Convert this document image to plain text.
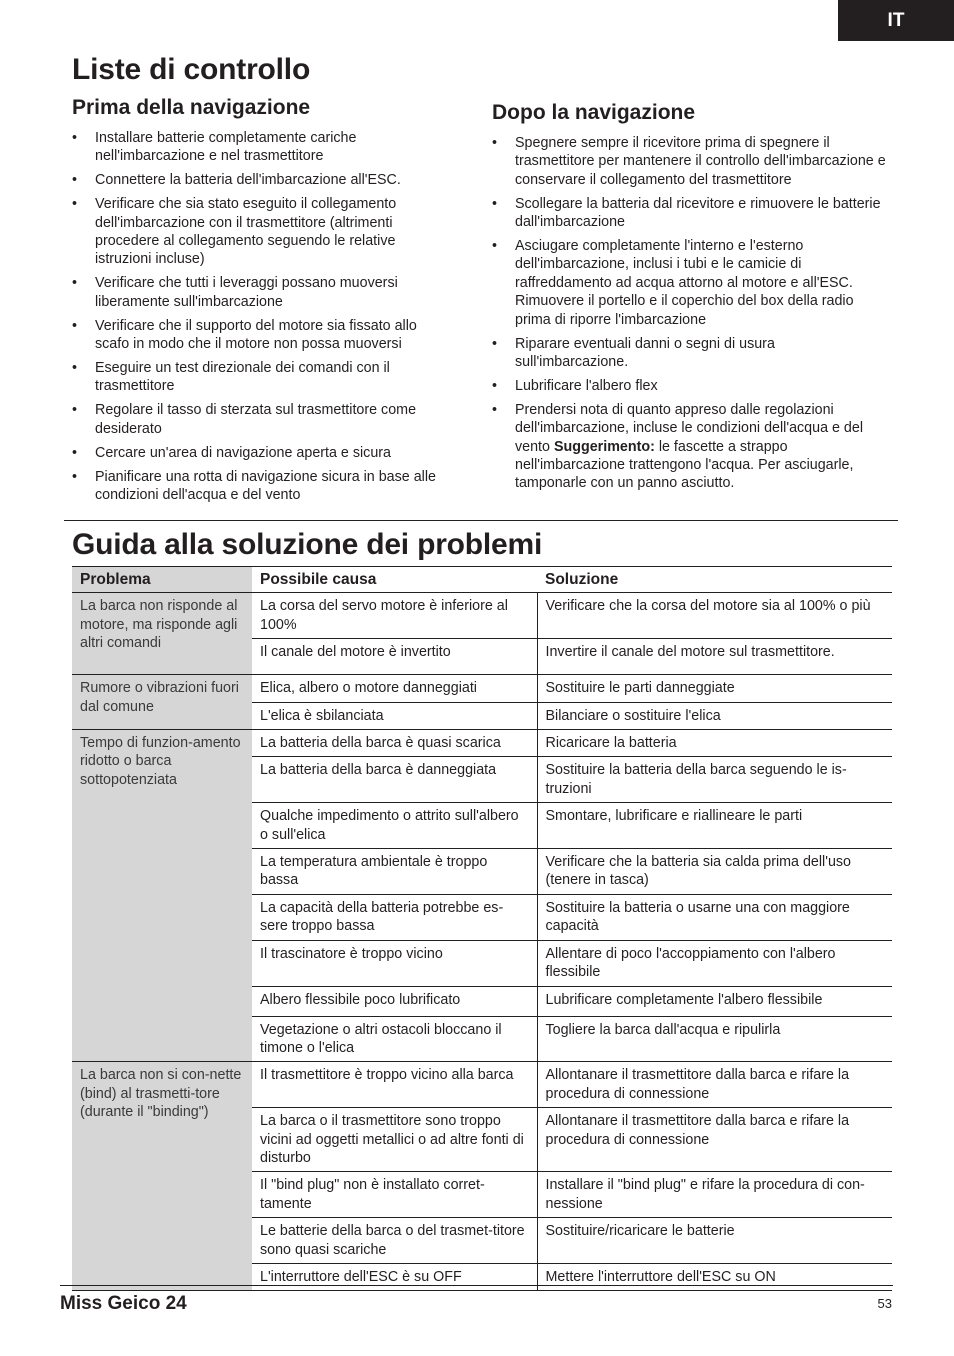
IT
Liste di controllo
Prima della navigazione
• Installare batterie completamente cariche nell'imbarcazione e nel trasmettitore
• Connettere la batteria dell'imbarcazione all'ESC.
• Verificare che sia stato eseguito il collegamento dell'imbarcazione con il trasmettitore (altrimenti procedere al collegamento seguendo le relative istruzioni incluse)
• Verificare che tutti i leveraggi possano muoversi liberamente sull'imbarcazione
• Verificare che il supporto del motore sia fissato allo scafo in modo che il motore non possa muoversi
• Eseguire un test direzionale dei comandi con il trasmettitore
• Regolare il tasso di sterzata sul trasmettitore come desiderato
• Cercare un'area di navigazione aperta e sicura
• Pianificare una rotta di navigazione sicura in base alle condizioni dell'acqua e del vento
Dopo la navigazione
• Spegnere sempre il ricevitore prima di spegnere il trasmettitore per mantenere il controllo dell'imbarcazione e conservare il collegamento del trasmettitore
• Scollegare la batteria dal ricevitore e rimuovere le batterie dall'imbarcazione
• Asciugare completamente l'interno e l'esterno dell'imbarcazione, inclusi i tubi e le camicie di raffreddamento ad acqua attorno al motore e all'ESC. Rimuovere il portello e il coperchio del box della radio prima di riporre l'imbarcazione
• Riparare eventuali danni o segni di usura sull'imbarcazione.
• Lubrificare l'albero flex
• Prendersi nota di quanto appreso dalle regolazioni dell'imbarcazione, incluse le condizioni dell'acqua e del vento Suggerimento: le fascette a strappo nell'imbarcazione trattengono l'acqua. Per asciugarle, tamponarle con un panno asciutto.
Guida alla soluzione dei problemi
Problema	Possibile causa	Soluzione
La barca non risponde al motore, ma risponde agli altri comandi	La corsa del servo motore è inferiore al 100%	Verificare che la corsa del motore sia al 100% o più
	Il canale del motore è invertito	Invertire il canale del motore sul trasmettitore.
Rumore o vibrazioni fuori dal comune	Elica, albero o motore danneggiati	Sostituire le parti danneggiate
	L'elica è sbilanciata	Bilanciare o sostituire l'elica
Tempo di funzion-amento ridotto o barca sottopotenziata	La batteria della barca è quasi scarica	Ricaricare la batteria
	La batteria della barca è danneggiata	Sostituire la batteria della barca seguendo le is-truzioni
	Qualche impedimento o attrito sull'albero o sull'elica	Smontare, lubrificare e riallineare le parti
	La temperatura ambientale è troppo bassa	Verificare che la batteria sia calda prima dell'uso (tenere in tasca)
	La capacità della batteria potrebbe es-sere troppo bassa	Sostituire la batteria o usarne una con maggiore capacità
	Il trascinatore è troppo vicino	Allentare di poco l'accoppiamento con l'albero flessibile
	Albero flessibile poco lubrificato	Lubrificare completamente l'albero flessibile
	Vegetazione o altri ostacoli bloccano il timone o l'elica	Togliere la barca dall'acqua e ripulirla
La barca non si con-nette (bind) al trasmetti-tore (durante il "binding")	Il trasmettitore è troppo vicino alla barca	Allontanare il trasmettitore dalla barca e rifare la procedura di connessione
	La barca o il trasmettitore sono troppo vicini ad oggetti metallici o ad altre fonti di disturbo	Allontanare il trasmettitore dalla barca e rifare la procedura di connessione
	Il "bind plug" non è installato corret-tamente	Installare il "bind plug" e rifare la procedura di con-nessione
	Le batterie della barca o del trasmet-titore sono quasi scariche	Sostituire/ricaricare le batterie
	L'interruttore dell'ESC è su OFF	Mettere l'interruttore dell'ESC su ON
Miss Geico 24	53
